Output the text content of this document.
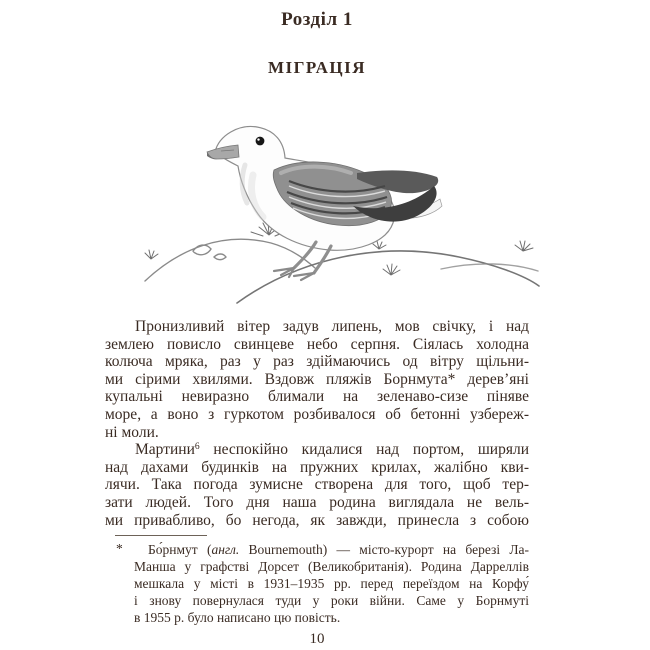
Розділ 1
МІГРАЦІЯ
Пронизливий вітер задув липень, мов свічку, і над
землею повисло свинцеве небо серпня. Сіялась холодна
колюча мряка, раз у раз здіймаючись од вітру щільни-
ми сірими хвилями. Вздовж пляжів Борнмута* дерев’яні
купальні невиразно блимали на зеленаво-сизе піняве
море, а воно з гуркотом розбивалося об бетонні узбереж-
ні моли.
Мартини$^6$ неспокійно кидалися над портом, ширяли
над дахами будинків на пружних крилах, жалібно кви-
лячи. Така погода зумисне створена для того, щоб тер-
зати людей. Того дня наша родина виглядала не вель-
ми привабливо, бо негода, як завжди, принесла з собою
* Бо́рнмут (англ. Bournemouth) — місто-курорт на березі Ла-
Манша у графстві Дорсет (Великобританія). Родина Дарреллів
мешкала у місті в 1931–1935 рр. перед переїздом на Корфу́
і знову повернулася туди у роки війни. Саме у Борнмуті
в 1955 р. було написано цю повість.
10
